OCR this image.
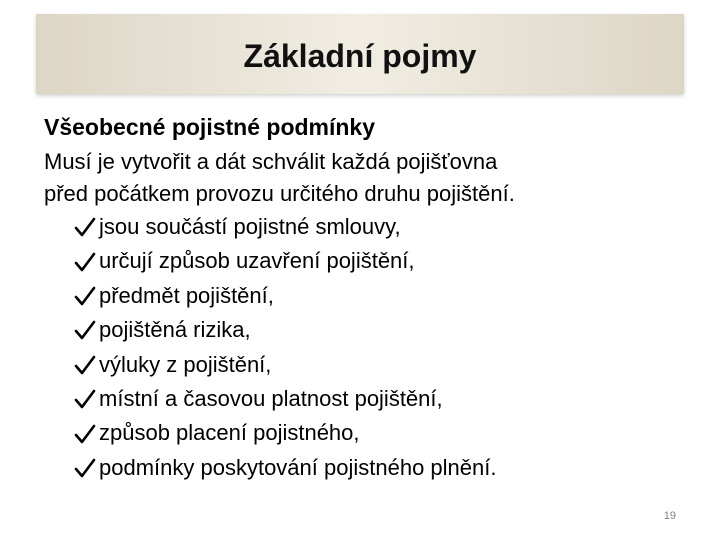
Základní pojmy
Všeobecné pojistné podmínky
Musí je vytvořit a dát schválit každá pojišťovna
před počátkem provozu určitého druhu pojištění.
jsou součástí pojistné smlouvy,
určují způsob uzavření pojištění,
předmět pojištění,
pojištěná rizika,
výluky z pojištění,
místní a časovou platnost pojištění,
způsob placení pojistného,
podmínky poskytování pojistného plnění.
19
